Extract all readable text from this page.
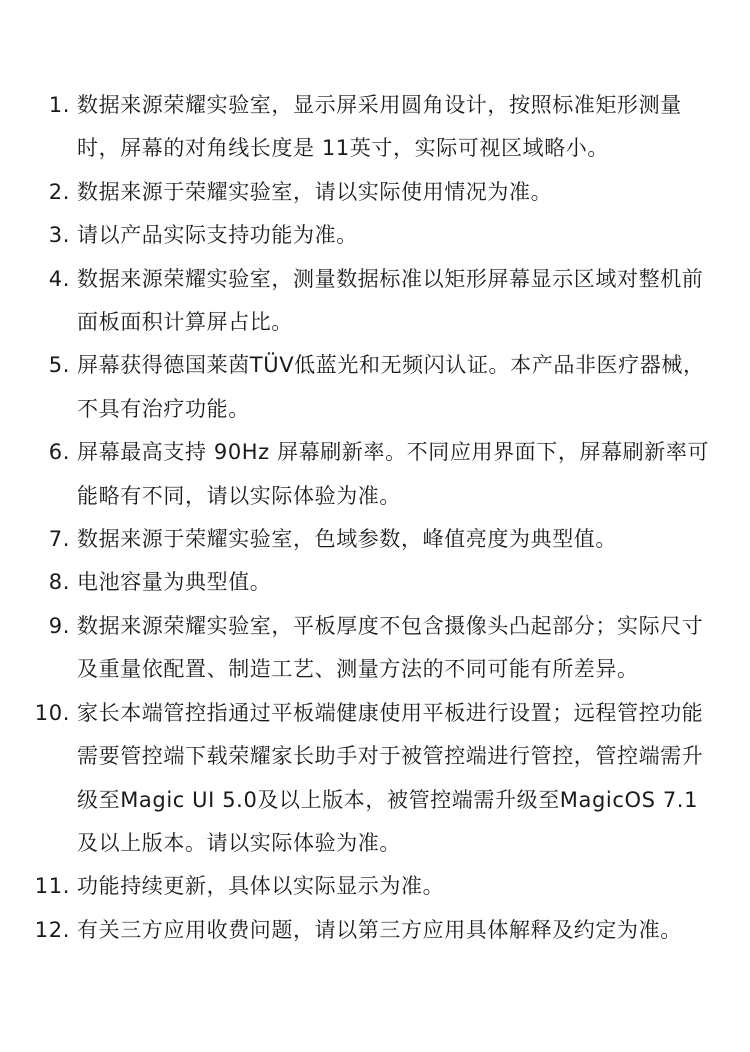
1. 数据来源荣耀实验室，显示屏采用圆角设计，按照标准矩形测量时，屏幕的对角线长度是 11英寸，实际可视区域略小。
2. 数据来源于荣耀实验室，请以实际使用情况为准。
3. 请以产品实际支持功能为准。
4. 数据来源荣耀实验室，测量数据标准以矩形屏幕显示区域对整机前面板面积计算屏占比。
5. 屏幕获得德国莱茵TÜV低蓝光和无频闪认证。本产品非医疗器械，不具有治疗功能。
6. 屏幕最高支持 90Hz 屏幕刷新率。不同应用界面下，屏幕刷新率可能略有不同，请以实际体验为准。
7. 数据来源于荣耀实验室，色域参数，峰值亮度为典型值。
8. 电池容量为典型值。
9. 数据来源荣耀实验室，平板厚度不包含摄像头凸起部分；实际尺寸及重量依配置、制造工艺、测量方法的不同可能有所差异。
10. 家长本端管控指通过平板端健康使用平板进行设置；远程管控功能需要管控端下载荣耀家长助手对于被管控端进行管控，管控端需升级至Magic UI 5.0及以上版本，被管控端需升级至MagicOS 7.1及以上版本。请以实际体验为准。
11. 功能持续更新，具体以实际显示为准。
12. 有关三方应用收费问题，请以第三方应用具体解释及约定为准。
